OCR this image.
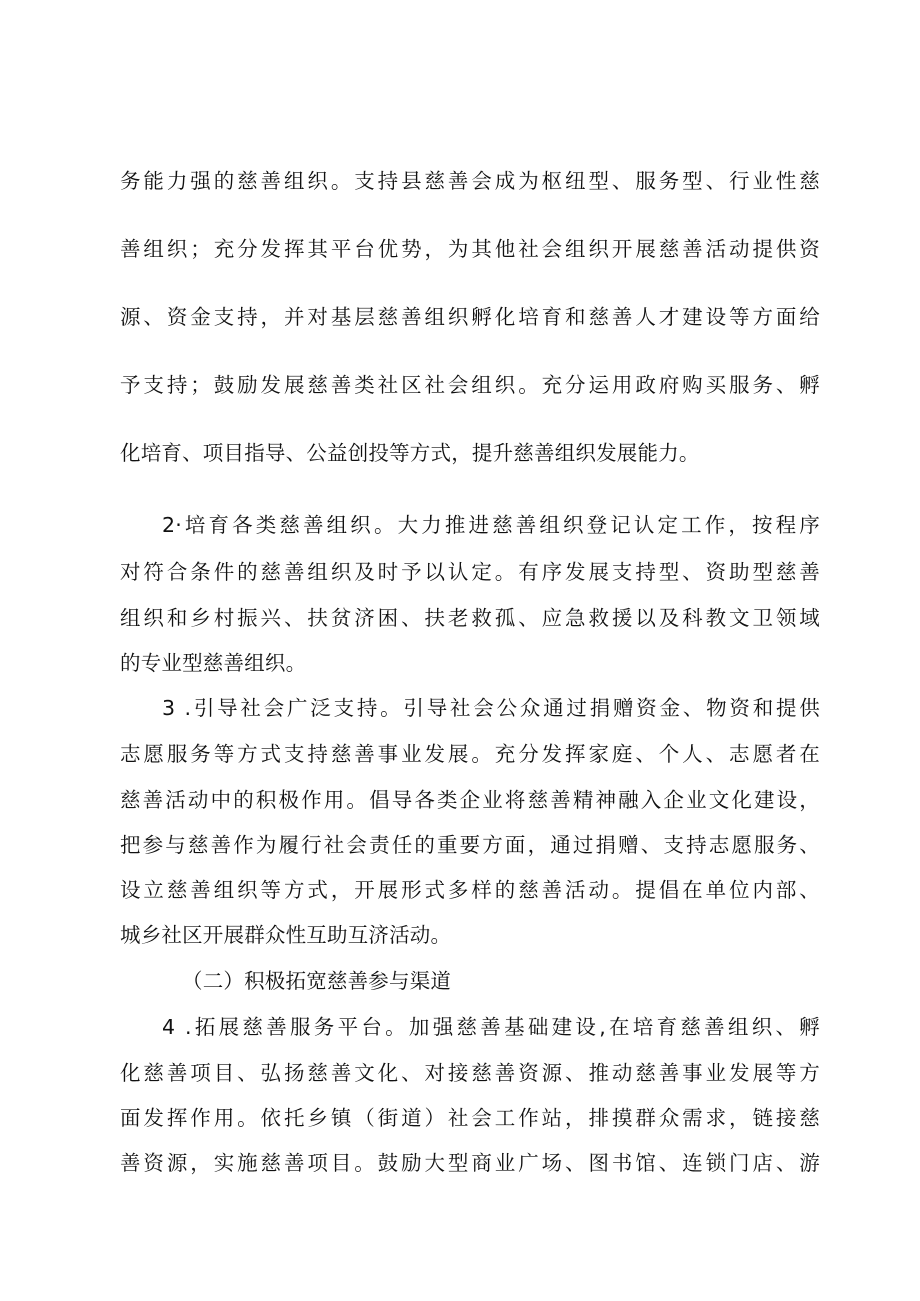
务能力强的慈善组织。支持县慈善会成为枢纽型、服务型、行业性慈
善组织；充分发挥其平台优势，为其他社会组织开展慈善活动提供资
源、资金支持，并对基层慈善组织孵化培育和慈善人才建设等方面给
予支持；鼓励发展慈善类社区社会组织。充分运用政府购买服务、孵
化培育、项目指导、公益创投等方式，提升慈善组织发展能力。
2·培育各类慈善组织。大力推进慈善组织登记认定工作，按程序
对符合条件的慈善组织及时予以认定。有序发展支持型、资助型慈善
组织和乡村振兴、扶贫济困、扶老救孤、应急救援以及科教文卫领域
的专业型慈善组织。
3 .引导社会广泛支持。引导社会公众通过捐赠资金、物资和提供
志愿服务等方式支持慈善事业发展。充分发挥家庭、个人、志愿者在
慈善活动中的积极作用。倡导各类企业将慈善精神融入企业文化建设，
把参与慈善作为履行社会责任的重要方面，通过捐赠、支持志愿服务、
设立慈善组织等方式，开展形式多样的慈善活动。提倡在单位内部、
城乡社区开展群众性互助互济活动。
（二）积极拓宽慈善参与渠道
4 .拓展慈善服务平台。加强慈善基础建设,在培育慈善组织、孵
化慈善项目、弘扬慈善文化、对接慈善资源、推动慈善事业发展等方
面发挥作用。依托乡镇（街道）社会工作站，排摸群众需求，链接慈
善资源，实施慈善项目。鼓励大型商业广场、图书馆、连锁门店、游
